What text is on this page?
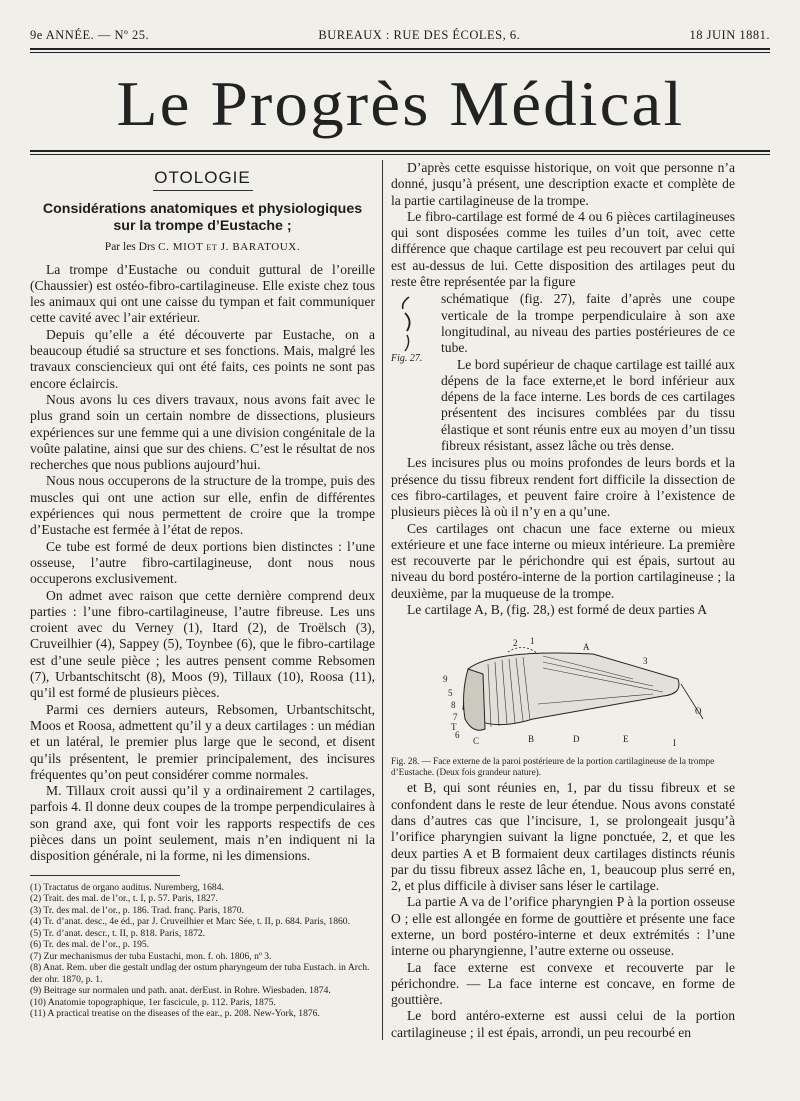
9e ANNÉE. — Nº 25.	BUREAUX : RUE DES ÉCOLES, 6.	18 JUIN 1881.
Le Progrès Médical
OTOLOGIE
Considérations anatomiques et physiologiques sur la trompe d’Eustache ;
Par les Drs C. MIOT et J. BARATOUX.

La trompe d’Eustache ou conduit guttural de l’oreille (Chaussier) est ostéo-fibro-cartilagineuse. Elle existe chez tous les animaux qui ont une caisse du tympan et fait communiquer cette cavité avec l’air extérieur.

Depuis qu’elle a été découverte par Eustache, on a beaucoup étudié sa structure et ses fonctions. Mais, malgré les travaux consciencieux qui ont été faits, ces points ne sont pas encore éclaircis.

Nous avons lu ces divers travaux, nous avons fait avec le plus grand soin un certain nombre de dissections, plusieurs expériences sur une femme qui a une division congénitale de la voûte palatine, ainsi que sur des chiens. C’est le résultat de nos recherches que nous publions aujourd’hui.

Nous nous occuperons de la structure de la trompe, puis des muscles qui ont une action sur elle, enfin de différentes expériences qui nous permettent de croire que la trompe d’Eustache est fermée à l’état de repos.

Ce tube est formé de deux portions bien distinctes : l’une osseuse, l’autre fibro-cartilagineuse, dont nous nous occuperons exclusivement.

On admet avec raison que cette dernière comprend deux parties : l’une fibro-cartilagineuse, l’autre fibreuse. Les uns croient avec du Verney (1), Itard (2), de Troëlsch (3), Cruveilhier (4), Sappey (5), Toynbee (6), que le fibro-cartilage est d’une seule pièce ; les autres pensent comme Rebsomen (7), Urbantschitscht (8), Moos (9), Tillaux (10), Roosa (11), qu’il est formé de plusieurs pièces.

Parmi ces derniers auteurs, Rebsomen, Urbantschitscht, Moos et Roosa, admettent qu’il y a deux cartilages : un médian et un latéral, le premier plus large que le second, et disent qu’ils présentent, le premier principalement, des incisures fréquentes qu’on peut considérer comme normales.

M. Tillaux croit aussi qu’il y a ordinairement 2 cartilages, parfois 4. Il donne deux coupes de la trompe perpendiculaires à son grand axe, qui font voir les rapports respectifs de ces pièces dans un point seulement, mais n’en indiquent ni la disposition générale, ni la forme, ni les dimensions.

(1) Tractatus de organo auditus. Nuremberg, 1684.
(2) Trait. des mal. de l’or., t. I, p. 57. Paris, 1827.
(3) Tr. des mal. de l’or., p. 186. Trad. franç. Paris, 1870.
(4) Tr. d’anat. desc., 4e éd., par J. Cruveilhier et Marc Sée, t. II, p. 684. Paris, 1860.
(5) Tr. d’anat. descr., t. II, p. 818. Paris, 1872.
(6) Tr. des mal. de l’or., p. 195.
(7) Zur mechanismus der tuba Eustachi, mon. f. oh. 1806, nº 3.
(8) Anat. Rem. uber die gestalt undlag der ostum pharyngeum der tuba Eustach. in Arch. der ohr. 1870, p. 1.
(9) Beitrage sur normalen und path. anat. derEust. in Rohre. Wiesbaden. 1874.
(10) Anatomie topographique, 1er fascicule, p. 112. Paris, 1875.
(11) A practical treatise on the diseases of the ear., p. 208. New-York, 1876.

D’après cette esquisse historique, on voit que personne n’a donné, jusqu’à présent, une description exacte et complète de la partie cartilagineuse de la trompe.

Le fibro-cartilage est formé de 4 ou 6 pièces cartilagineuses qui sont disposées comme les tuiles d’un toit, avec cette différence que chaque cartilage est peu recouvert par celui qui est au-dessus de lui. Cette disposition des artilages peut du reste être représentée par la figure

Fig. 27.

schématique (fig. 27), faite d’après une coupe verticale de la trompe perpendiculaire à son axe longitudinal, au niveau des parties postérieures de ce tube.

Le bord supérieur de chaque cartilage est taillé aux dépens de la face externe,et le bord inférieur aux dépens de la face interne. Les bords de ces cartilages présentent des incisures comblées par du tissu élastique et sont réunis entre eux au moyen d’un tissu fibreux résistant, assez lâche ou très dense.

Les incisures plus ou moins profondes de leurs bords et la présence du tissu fibreux rendent fort difficile la dissection de ces fibro-cartilages, et peuvent faire croire à l’existence de plusieurs pièces là où il n’y en a qu’une.

Ces cartilages ont chacun une face externe ou mieux extérieure et une face interne ou mieux intérieure. La première est recouverte par le périchondre qui est épais, surtout au niveau du bord postéro-interne de la portion cartilagineuse ; la deuxième, par la muqueuse de la trompe.

Le cartilage A, B, (fig. 28,) est formé de deux parties A

2 1
A
3
9
5
8
7
T
6
C	B	D	E	I
O
Fig. 28. — Face externe de la paroi postérieure de la portion cartilagineuse de la trompe d’Eustache. (Deux fois grandeur nature).

et B, qui sont réunies en, 1, par du tissu fibreux et se confondent dans le reste de leur étendue. Nous avons constaté dans d’autres cas que l’incisure, 1, se prolongeait jusqu’à l’orifice pharyngien suivant la ligne ponctuée, 2, et que les deux parties A et B formaient deux cartilages distincts réunis par du tissu fibreux assez lâche en, 1, beaucoup plus serré en, 2, et plus difficile à diviser sans léser le cartilage.

La partie A va de l’orifice pharyngien P à la portion osseuse O ; elle est allongée en forme de gouttière et présente une face externe, un bord postéro-interne et deux extrémités : l’une interne ou pharyngienne, l’autre externe ou osseuse.

La face externe est convexe et recouverte par le périchondre. — La face interne est concave, en forme de gouttière.

Le bord antéro-externe est aussi celui de la portion cartilagineuse ; il est épais, arrondi, un peu recourbé en
